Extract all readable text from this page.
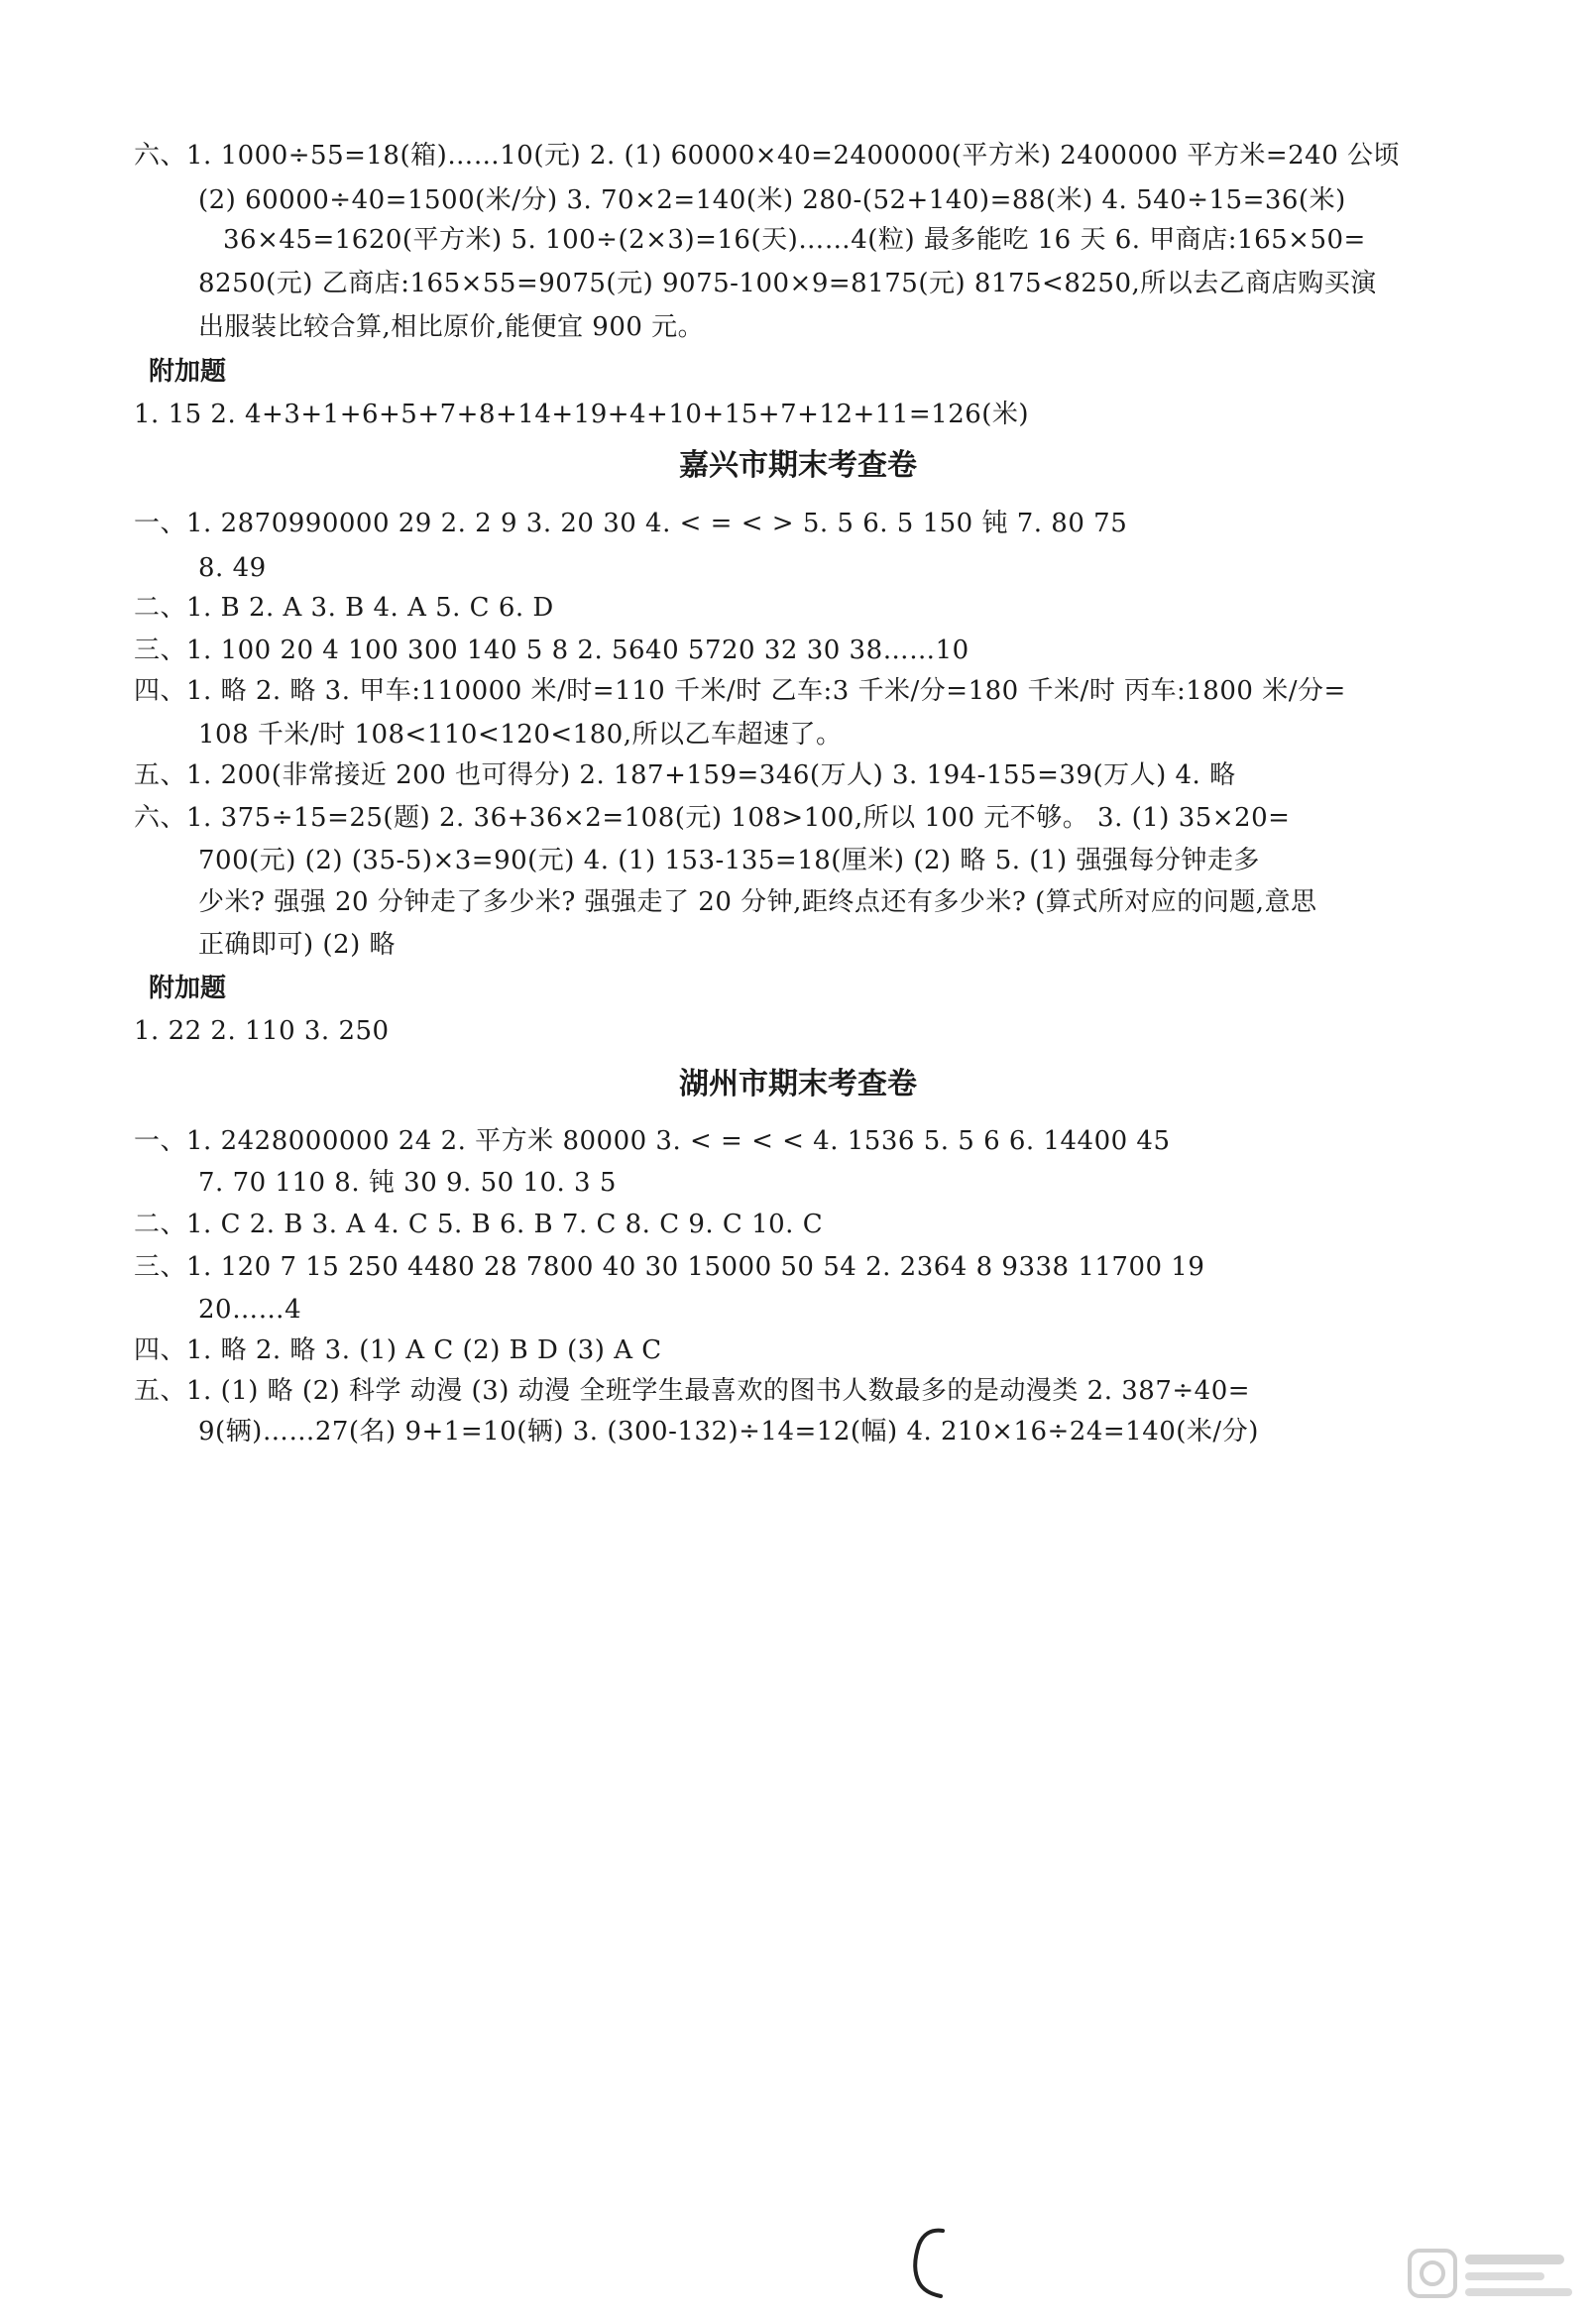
六、1. 1000÷55=18(箱)……10(元) 2. (1) 60000×40=2400000(平方米) 2400000 平方米=240 公顷
(2) 60000÷40=1500(米/分) 3. 70×2=140(米) 280-(52+140)=88(米) 4. 540÷15=36(米)
36×45=1620(平方米) 5. 100÷(2×3)=16(天)……4(粒) 最多能吃 16 天 6. 甲商店:165×50=
8250(元) 乙商店:165×55=9075(元) 9075-100×9=8175(元) 8175<8250,所以去乙商店购买演
出服装比较合算,相比原价,能便宜 900 元。
附加题
1. 15 2. 4+3+1+6+5+7+8+14+19+4+10+15+7+12+11=126(米)
嘉兴市期末考查卷
一、1. 2870990000 29 2. 2 9 3. 20 30 4. < = < > 5. 5 6. 5 150 钝 7. 80 75
8. 49
二、1. B 2. A 3. B 4. A 5. C 6. D
三、1. 100 20 4 100 300 140 5 8 2. 5640 5720 32 30 38……10
四、1. 略 2. 略 3. 甲车:110000 米/时=110 千米/时 乙车:3 千米/分=180 千米/时 丙车:1800 米/分=
108 千米/时 108<110<120<180,所以乙车超速了。
五、1. 200(非常接近 200 也可得分) 2. 187+159=346(万人) 3. 194-155=39(万人) 4. 略
六、1. 375÷15=25(题) 2. 36+36×2=108(元) 108>100,所以 100 元不够。 3. (1) 35×20=
700(元) (2) (35-5)×3=90(元) 4. (1) 153-135=18(厘米) (2) 略 5. (1) 强强每分钟走多
少米? 强强 20 分钟走了多少米? 强强走了 20 分钟,距终点还有多少米? (算式所对应的问题,意思
正确即可) (2) 略
附加题
1. 22 2. 110 3. 250
湖州市期末考查卷
一、1. 2428000000 24 2. 平方米 80000 3. < = < < 4. 1536 5. 5 6 6. 14400 45
7. 70 110 8. 钝 30 9. 50 10. 3 5
二、1. C 2. B 3. A 4. C 5. B 6. B 7. C 8. C 9. C 10. C
三、1. 120 7 15 250 4480 28 7800 40 30 15000 50 54 2. 2364 8 9338 11700 19
20……4
四、1. 略 2. 略 3. (1) A C (2) B D (3) A C
五、1. (1) 略 (2) 科学 动漫 (3) 动漫 全班学生最喜欢的图书人数最多的是动漫类 2. 387÷40=
9(辆)……27(名) 9+1=10(辆) 3. (300-132)÷14=12(幅) 4. 210×16÷24=140(米/分)
